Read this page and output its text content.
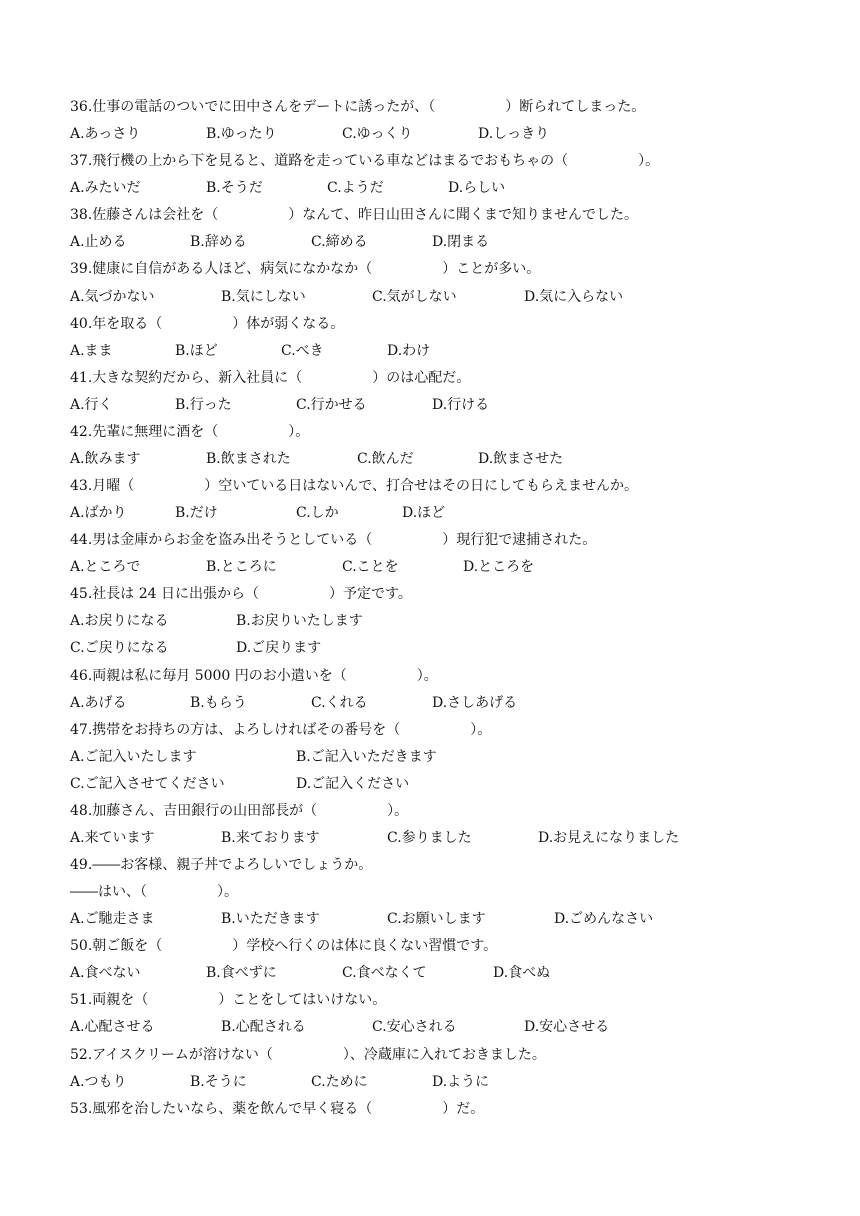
36.仕事の電話のついでに田中さんをデートに誘ったが、（　　　　　）断られてしまった。
A.あっさり	B.ゆったり	C.ゆっくり	D.しっきり
37.飛行機の上から下を見ると、道路を走っている車などはまるでおもちゃの（　　　　　）。
A.みたいだ	B.そうだ	C.ようだ	D.らしい
38.佐藤さんは会社を（　　　　　）なんて、昨日山田さんに聞くまで知りませんでした。
A.止める	B.辞める	C.締める	D.閉まる
39.健康に自信がある人ほど、病気になかなか（　　　　　）ことが多い。
A.気づかない	B.気にしない	C.気がしない	D.気に入らない
40.年を取る（　　　　　）体が弱くなる。
A.まま	B.ほど	C.べき	D.わけ
41.大きな契約だから、新入社員に（　　　　　）のは心配だ。
A.行く	B.行った	C.行かせる	D.行ける
42.先輩に無理に酒を（　　　　　）。
A.飲みます	B.飲まされた	C.飲んだ	D.飲まさせた
43.月曜（　　　　　）空いている日はないんで、打合せはその日にしてもらえませんか。
A.ばかり	B.だけ	C.しか	D.ほど
44.男は金庫からお金を盗み出そうとしている（　　　　　）現行犯で逮捕された。
A.ところで	B.ところに	C.ことを	D.ところを
45.社長は 24 日に出張から（　　　　　）予定です。
A.お戻りになる	B.お戻りいたします
C.ご戻りになる	D.ご戻ります
46.両親は私に毎月 5000 円のお小遣いを（　　　　　）。
A.あげる	B.もらう	C.くれる	D.さしあげる
47.携帯をお持ちの方は、よろしければその番号を（　　　　　）。
A.ご記入いたします	B.ご記入いただきます
C.ご記入させてください	D.ご記入ください
48.加藤さん、吉田銀行の山田部長が（　　　　　）。
A.来ています	B.来ております	C.参りました	D.お見えになりました
49.――お客様、親子丼でよろしいでしょうか。
――はい、（　　　　　）。
A.ご馳走さま	B.いただきます	C.お願いします	D.ごめんなさい
50.朝ご飯を（　　　　　）学校へ行くのは体に良くない習慣です。
A.食べない	B.食べずに	C.食べなくて	D.食べぬ
51.両親を（　　　　　）ことをしてはいけない。
A.心配させる	B.心配される	C.安心される	D.安心させる
52.アイスクリームが溶けない（　　　　　）、冷蔵庫に入れておきました。
A.つもり	B.そうに	C.ために	D.ように
53.風邪を治したいなら、薬を飲んで早く寝る（　　　　　）だ。
